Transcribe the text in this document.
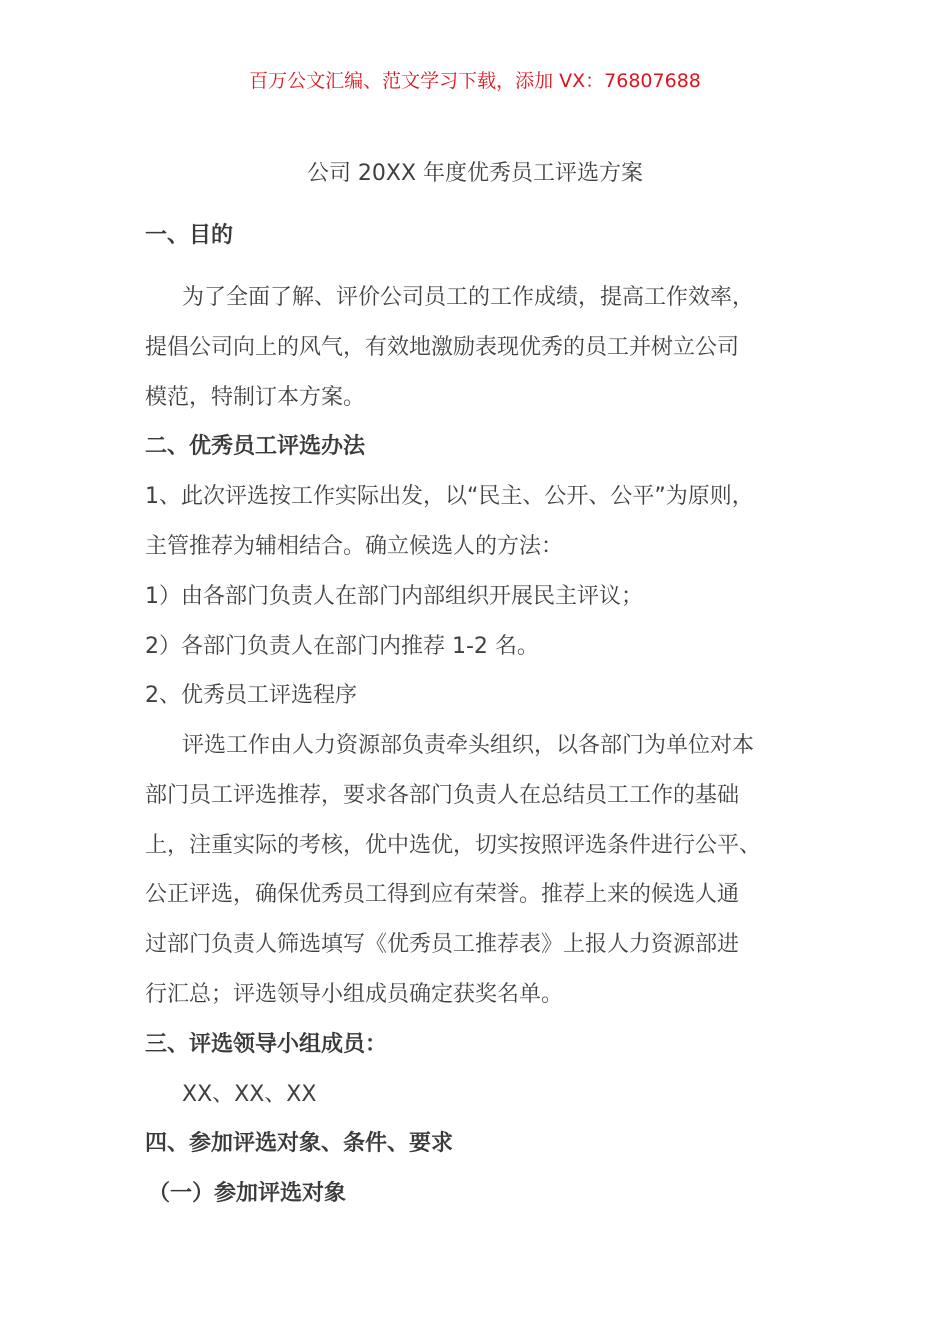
百万公文汇编、范文学习下载，添加 VX：76807688
公司 20XX 年度优秀员工评选方案
一、目的
为了全面了解、评价公司员工的工作成绩，提高工作效率，
提倡公司向上的风气，有效地激励表现优秀的员工并树立公司
模范，特制订本方案。
二、优秀员工评选办法
1、此次评选按工作实际出发，以“民主、公开、公平”为原则，
主管推荐为辅相结合。确立候选人的方法：
1）由各部门负责人在部门内部组织开展民主评议；
2）各部门负责人在部门内推荐 1-2 名。
2、优秀员工评选程序
评选工作由人力资源部负责牵头组织，以各部门为单位对本
部门员工评选推荐，要求各部门负责人在总结员工工作的基础
上，注重实际的考核，优中选优，切实按照评选条件进行公平、
公正评选，确保优秀员工得到应有荣誉。推荐上来的候选人通
过部门负责人筛选填写《优秀员工推荐表》上报人力资源部进
行汇总；评选领导小组成员确定获奖名单。
三、评选领导小组成员：
XX、XX、XX
四、参加评选对象、条件、要求
（一）参加评选对象
